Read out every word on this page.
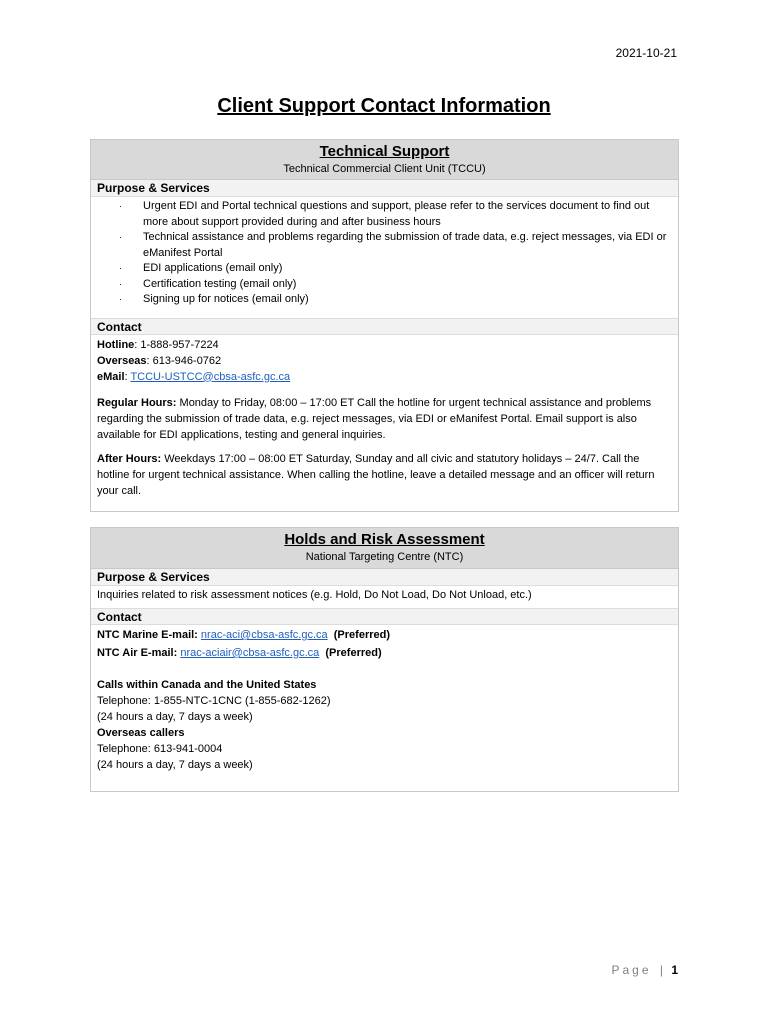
2021-10-21
Client Support Contact Information
Technical Support
Technical Commercial Client Unit (TCCU)
Purpose & Services
· Urgent EDI and Portal technical questions and support, please refer to the services document to find out more about support provided during and after business hours
· Technical assistance and problems regarding the submission of trade data, e.g. reject messages, via EDI or eManifest Portal
· EDI applications (email only)
· Certification testing (email only)
· Signing up for notices (email only)
Contact
Hotline: 1-888-957-7224
Overseas: 613-946-0762
eMail: TCCU-USTCC@cbsa-asfc.gc.ca
Regular Hours: Monday to Friday, 08:00 – 17:00 ET Call the hotline for urgent technical assistance and problems regarding the submission of trade data, e.g. reject messages, via EDI or eManifest Portal. Email support is also available for EDI applications, testing and general inquiries.
After Hours: Weekdays 17:00 – 08:00 ET Saturday, Sunday and all civic and statutory holidays – 24/7. Call the hotline for urgent technical assistance. When calling the hotline, leave a detailed message and an officer will return your call.
Holds and Risk Assessment
National Targeting Centre (NTC)
Purpose & Services
Inquiries related to risk assessment notices (e.g. Hold, Do Not Load, Do Not Unload, etc.)
Contact
NTC Marine E-mail: nrac-aci@cbsa-asfc.gc.ca (Preferred)
NTC Air E-mail: nrac-aciair@cbsa-asfc.gc.ca (Preferred)
Calls within Canada and the United States
Telephone: 1-855-NTC-1CNC (1-855-682-1262)
(24 hours a day, 7 days a week)
Overseas callers
Telephone: 613-941-0004
(24 hours a day, 7 days a week)
Page | 1
